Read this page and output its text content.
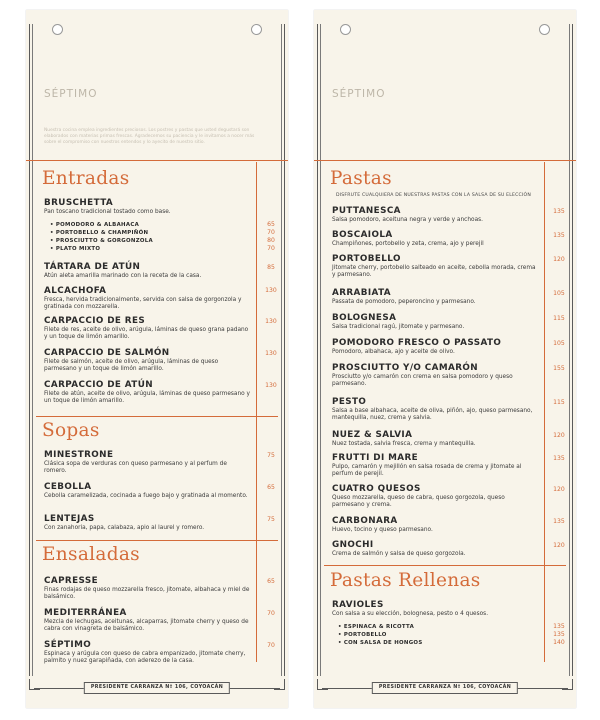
SÉPTIMO
Nuestra cocina emplea ingredientes preciosos. Los postres y pastas que usted degustará son elaborados con materias primas frescas. Agradecemos su paciencia y le invitamos a nocer más sobre el compromiso con nuestros entendos y lo ayecito de nuestro sitio.
Entradas
BRUSCHETTA
Pan toscano tradicional tostado como base.
• POMODORO & ALBAHACA
• PORTOBELLO & CHAMPIÑÓN
• PROSCIUTTO & GORGONZOLA
• PLATO MIXTO
65
70
80
70
TÁRTARA DE ATÚN
Atún aleta amarilla marinado con la receta de la casa.
85
ALCACHOFA
Fresca, hervida tradicionalmente, servida con salsa de gorgonzola y gratinada con mozzarella.
130
CARPACCIO DE RES
Filete de res, aceite de olivo, arúgula, láminas de queso grana padano y un toque de limón amarillo.
130
CARPACCIO DE SALMÓN
Filete de salmón, aceite de olivo, arúgula, láminas de queso parmesano y un toque de limón amarillo.
130
CARPACCIO DE ATÚN
Filete de atún, aceite de olivo, arúgula, láminas de queso parmesano y un toque de limón amarillo.
130
Sopas
MINESTRONE
Clásica sopa de verduras con queso parmesano y al perfum de romero.
75
CEBOLLA
Cebolla caramelizada, cocinada a fuego bajo y gratinada al momento.
65
LENTEJAS
Con zanahoria, papa, calabaza, apio al laurel y romero.
75
Ensaladas
CAPRESSE
Finas rodajas de queso mozzarella fresco, jitomate, albahaca y miel de balsámico.
65
MEDITERRÁNEA
Mezcla de lechugas, aceitunas, alcaparras, jitomate cherry y queso de cabra con vinagreta de balsámico.
70
SÉPTIMO
Espinaca y arúgula con queso de cabra empanizado, jitomate cherry, palmito y nuez garapiñada, con aderezo de la casa.
70
PRESIDENTE CARRANZA Nº 106, COYOACÁN
SÉPTIMO
Pastas
DISFRUTE CUALQUIERA DE NUESTRAS PASTAS CON LA SALSA DE SU ELECCIÓN
PUTTANESCA
Salsa pomodoro, aceituna negra y verde y anchoas.
135
BOSCAIOLA
Champiñones, portobello y zeta, crema, ajo y perejil
135
PORTOBELLO
Jitomate cherry, portobello salteado en aceite, cebolla morada, crema y parmesano.
120
ARRABIATA
Passata de pomodoro, peperoncino y parmesano.
105
BOLOGNESA
Salsa tradicional ragú, jitomate y parmesano.
115
POMODORO FRESCO O PASSATO
Pomodoro, albahaca, ajo y aceite de olivo.
105
PROSCIUTTO Y/O CAMARÓN
Prosciutto y/o camarón con crema en salsa pomodoro y queso parmesano.
155
PESTO
Salsa a base albahaca, aceite de oliva, piñón, ajo, queso parmesano, mantequilla, nuez, crema y salvia.
115
NUEZ & SALVIA
Nuez tostada, salvia fresca, crema y mantequilla.
120
FRUTTI DI MARE
Pulpo, camarón y mejillón en salsa rosada de crema y jitomate al perfum de perejil.
135
CUATRO QUESOS
Queso mozzarella, queso de cabra, queso gorgozola, queso parmesano y crema.
120
CARBONARA
Huevo, tocino y queso parmesano.
135
GNOCHI
Crema de salmón y salsa de queso gorgozola.
120
Pastas Rellenas
RAVIOLES
Con salsa a su elección, bolognesa, pesto o 4 quesos.
• ESPINACA & RICOTTA
• PORTOBELLO
• CON SALSA DE HONGOS
135
135
140
PRESIDENTE CARRANZA Nº 106, COYOACÁN
